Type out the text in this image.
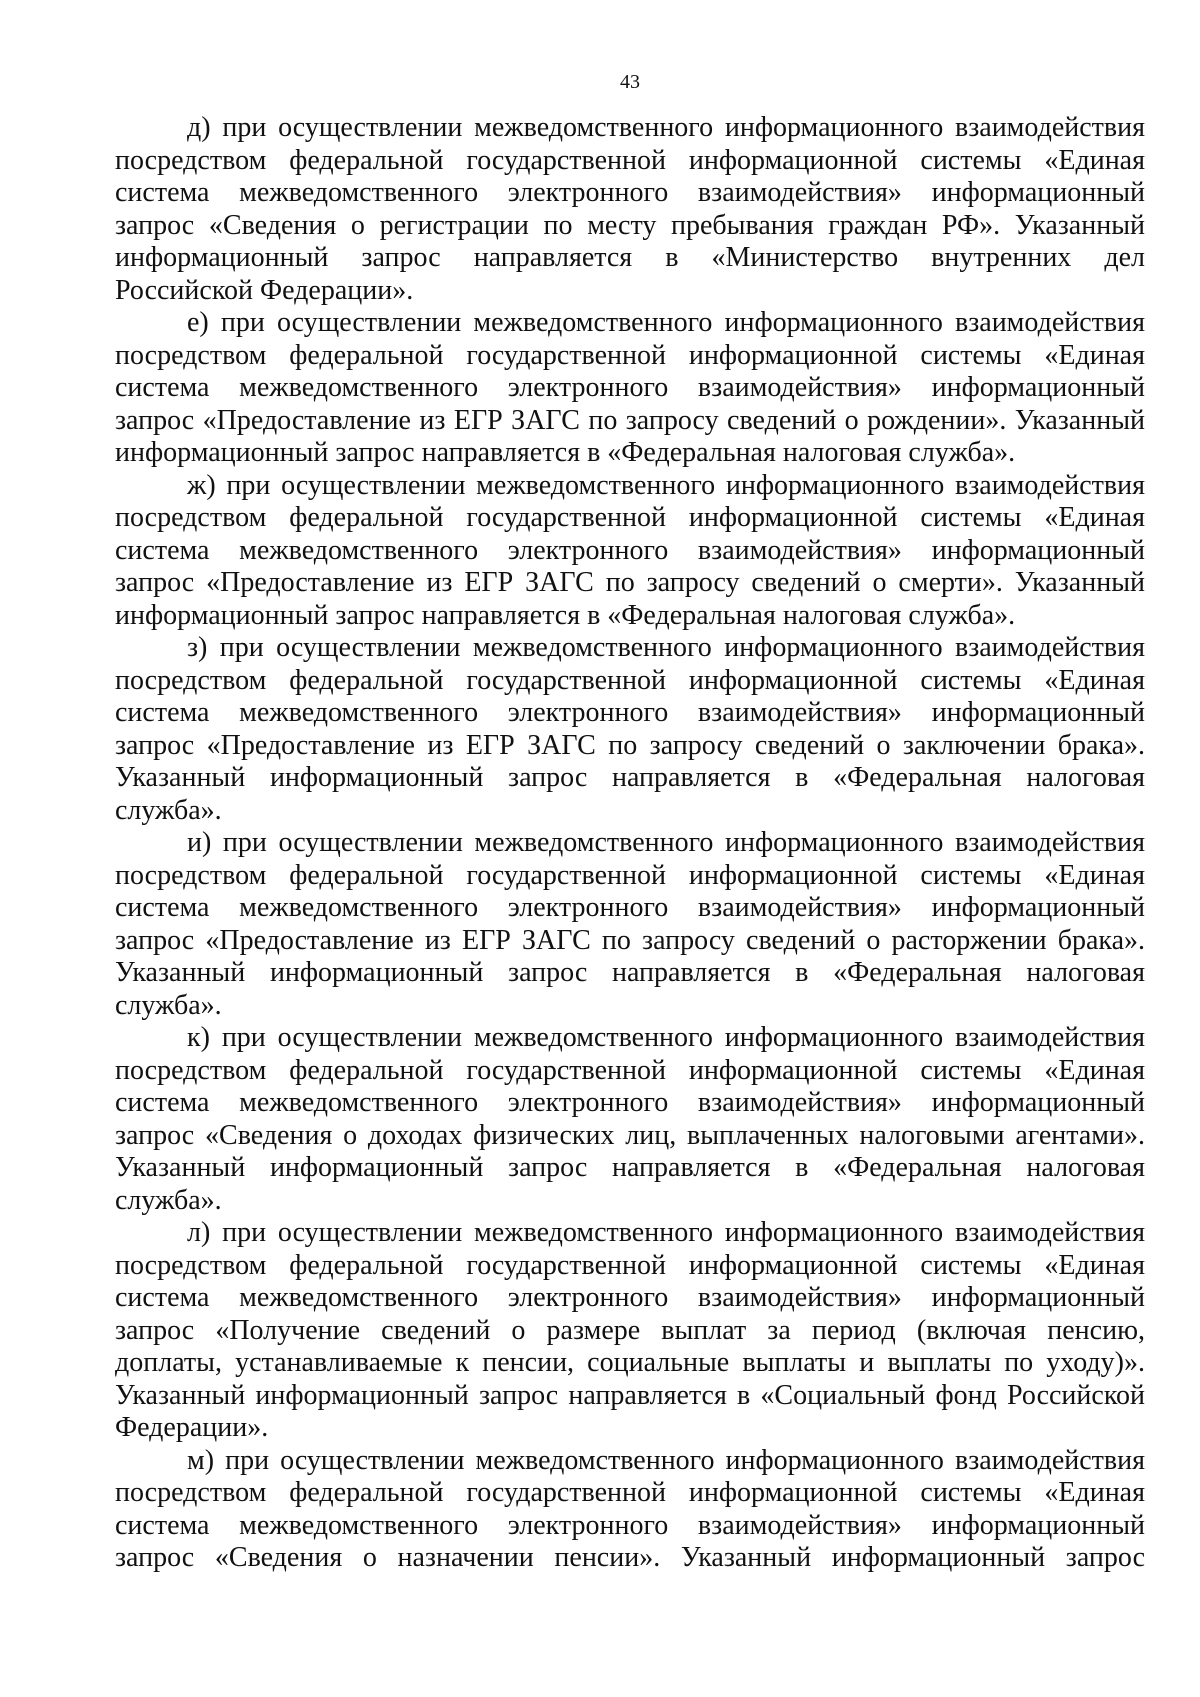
43

д) при осуществлении межведомственного информационного взаимодействия
посредством федеральной государственной информационной системы «Единая
система межведомственного электронного взаимодействия» информационный
запрос «Сведения о регистрации по месту пребывания граждан РФ». Указанный
информационный запрос направляется в «Министерство внутренних дел
Российской Федерации».

е) при осуществлении межведомственного информационного взаимодействия
посредством федеральной государственной информационной системы «Единая
система межведомственного электронного взаимодействия» информационный
запрос «Предоставление из ЕГР ЗАГС по запросу сведений о рождении». Указанный
информационный запрос направляется в «Федеральная налоговая служба».

ж) при осуществлении межведомственного информационного взаимодействия
посредством федеральной государственной информационной системы «Единая
система межведомственного электронного взаимодействия» информационный
запрос «Предоставление из ЕГР ЗАГС по запросу сведений о смерти». Указанный
информационный запрос направляется в «Федеральная налоговая служба».

з) при осуществлении межведомственного информационного взаимодействия
посредством федеральной государственной информационной системы «Единая
система межведомственного электронного взаимодействия» информационный
запрос «Предоставление из ЕГР ЗАГС по запросу сведений о заключении брака».
Указанный информационный запрос направляется в «Федеральная налоговая
служба».

и) при осуществлении межведомственного информационного взаимодействия
посредством федеральной государственной информационной системы «Единая
система межведомственного электронного взаимодействия» информационный
запрос «Предоставление из ЕГР ЗАГС по запросу сведений о расторжении брака».
Указанный информационный запрос направляется в «Федеральная налоговая
служба».

к) при осуществлении межведомственного информационного взаимодействия
посредством федеральной государственной информационной системы «Единая
система межведомственного электронного взаимодействия» информационный
запрос «Сведения о доходах физических лиц, выплаченных налоговыми агентами».
Указанный информационный запрос направляется в «Федеральная налоговая
служба».

л) при осуществлении межведомственного информационного взаимодействия
посредством федеральной государственной информационной системы «Единая
система межведомственного электронного взаимодействия» информационный
запрос «Получение сведений о размере выплат за период (включая пенсию,
доплаты, устанавливаемые к пенсии, социальные выплаты и выплаты по уходу)».
Указанный информационный запрос направляется в «Социальный фонд Российской
Федерации».

м) при осуществлении межведомственного информационного взаимодействия
посредством федеральной государственной информационной системы «Единая
система межведомственного электронного взаимодействия» информационный
запрос «Сведения о назначении пенсии». Указанный информационный запрос
